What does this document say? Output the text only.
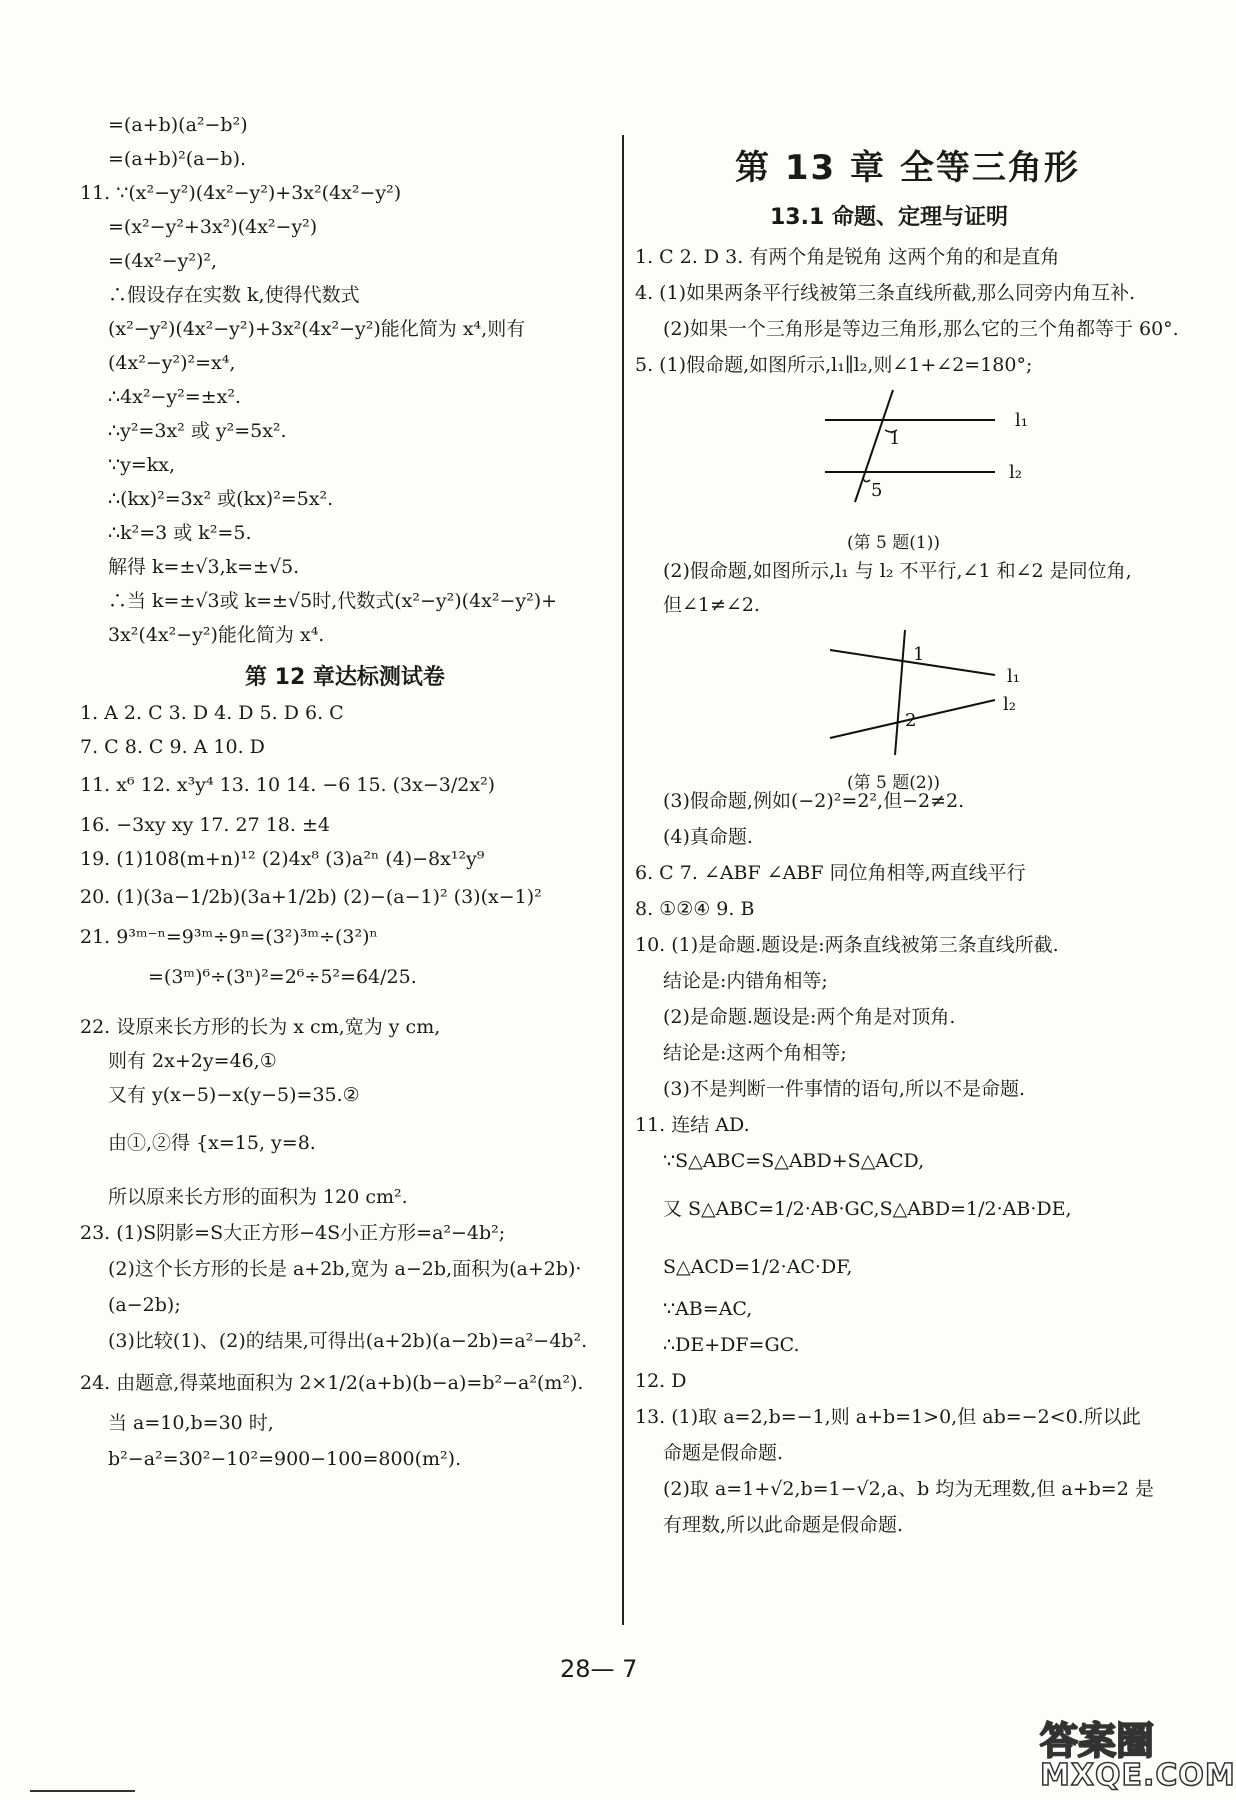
=(a+b)(a²−b²)
=(a+b)²(a−b).
11. ∵(x²−y²)(4x²−y²)+3x²(4x²−y²)
=(x²−y²+3x²)(4x²−y²)
=(4x²−y²)²,
∴假设存在实数 k,使得代数式
(x²−y²)(4x²−y²)+3x²(4x²−y²)能化简为 x⁴,则有
(4x²−y²)²=x⁴,
∴4x²−y²=±x².
∴y²=3x² 或 y²=5x².
∵y=kx,
∴(kx)²=3x² 或(kx)²=5x².
∴k²=3 或 k²=5.
解得 k=±√3,k=±√5.
∴当 k=±√3或 k=±√5时,代数式(x²−y²)(4x²−y²)+
3x²(4x²−y²)能化简为 x⁴.
第 12 章达标测试卷
1. A 2. C 3. D 4. D 5. D 6. C
7. C 8. C 9. A 10. D
11. x⁶ 12. x³y⁴ 13. 10 14. −6 15. (3x−3/2x²)
16. −3xy xy 17. 27 18. ±4
19. (1)108(m+n)¹² (2)4x⁸ (3)a²ⁿ (4)−8x¹²y⁹
20. (1)(3a−1/2b)(3a+1/2b) (2)−(a−1)² (3)(x−1)²
21. 9³ᵐ⁻ⁿ=9³ᵐ÷9ⁿ=(3²)³ᵐ÷(3²)ⁿ
=(3ᵐ)⁶÷(3ⁿ)²=2⁶÷5²=64/25.
22. 设原来长方形的长为 x cm,宽为 y cm,
则有 2x+2y=46,①
又有 y(x−5)−x(y−5)=35.②
由①,②得 {x=15, y=8.
所以原来长方形的面积为 120 cm².
23. (1)S阴影=S大正方形−4S小正方形=a²−4b²;
(2)这个长方形的长是 a+2b,宽为 a−2b,面积为(a+2b)·
(a−2b);
(3)比较(1)、(2)的结果,可得出(a+2b)(a−2b)=a²−4b².
24. 由题意,得菜地面积为 2×1/2(a+b)(b−a)=b²−a²(m²).
当 a=10,b=30 时,
b²−a²=30²−10²=900−100=800(m²).
第 13 章 全等三角形
13.1 命题、定理与证明
1. C 2. D 3. 有两个角是锐角 这两个角的和是直角
4. (1)如果两条平行线被第三条直线所截,那么同旁内角互补.
(2)如果一个三角形是等边三角形,那么它的三个角都等于 60°.
5. (1)假命题,如图所示,l₁∥l₂,则∠1+∠2=180°;
1
5
l₁
l₂
(第 5 题(1))
(2)假命题,如图所示,l₁ 与 l₂ 不平行,∠1 和∠2 是同位角,
但∠1≠∠2.
1
2
l₁
l₂
(第 5 题(2))
(3)假命题,例如(−2)²=2²,但−2≠2.
(4)真命题.
6. C 7. ∠ABF ∠ABF 同位角相等,两直线平行
8. ①②④ 9. B
10. (1)是命题.题设是:两条直线被第三条直线所截.
结论是:内错角相等;
(2)是命题.题设是:两个角是对顶角.
结论是:这两个角相等;
(3)不是判断一件事情的语句,所以不是命题.
11. 连结 AD.
∵S△ABC=S△ABD+S△ACD,
又 S△ABC=1/2·AB·GC,S△ABD=1/2·AB·DE,
S△ACD=1/2·AC·DF,
∵AB=AC,
∴DE+DF=GC.
12. D
13. (1)取 a=2,b=−1,则 a+b=1>0,但 ab=−2<0.所以此
命题是假命题.
(2)取 a=1+√2,b=1−√2,a、b 均为无理数,但 a+b=2 是
有理数,所以此命题是假命题.
28— 7
答案圈
MXQE.COM
